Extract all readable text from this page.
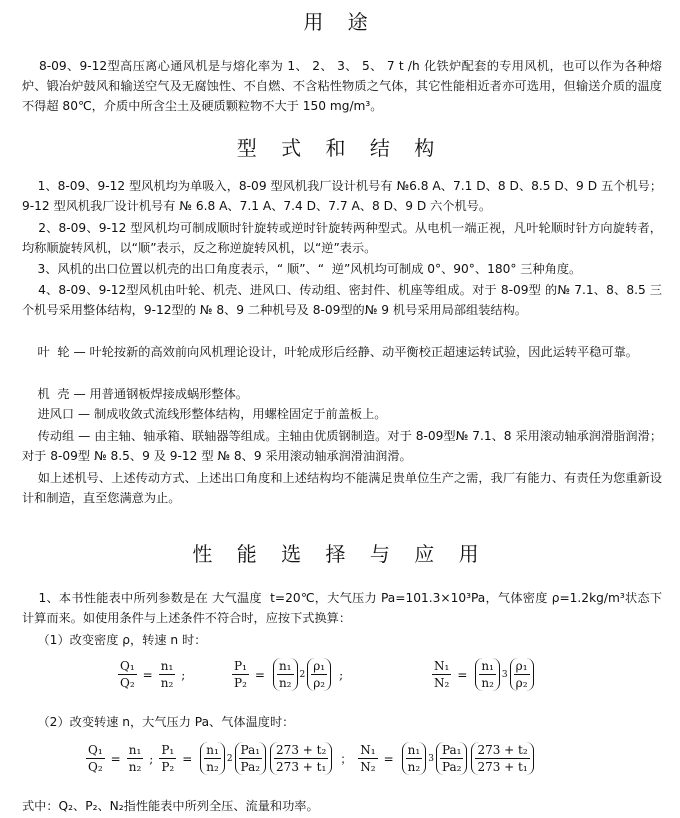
用 途
8-09、9-12型高压离心通风机是与熔化率为 1、 2、 3、 5、 7 t /h 化铁炉配套的专用风机，也可以作为各种熔炉、锻冶炉鼓风和输送空气及无腐蚀性、不自燃、不含粘性物质之气体，其它性能相近者亦可选用，但输送介质的温度不得超 80℃，介质中所含尘土及硬质颗粒物不大于 150 mg/m³。
型 式 和 结 构
1、8-09、9-12 型风机均为单吸入，8-09 型风机我厂设计机号有 №6.8 A、7.1 D、8 D、8.5 D、9 D 五个机号；9-12 型风机我厂设计机号有 № 6.8 A、7.1 A、7.4 D、7.7 A、8 D、9 D 六个机号。
2、8-09、9-12 型风机均可制成顺时针旋转或逆时针旋转两种型式。从电机一端正视，凡叶轮顺时针方向旋转者，均称顺旋转风机，以“顺”表示，反之称逆旋转风机，以“逆”表示。
3、风机的出口位置以机壳的出口角度表示，“ 顺”、“  逆”风机均可制成 0°、90°、180° 三种角度。
4、8-09、9-12型风机由叶轮、机壳、进风口、传动组、密封件、机座等组成。对于 8-09型 的№ 7.1、8、8.5 三个机号采用整体结构，9-12型的 № 8、9 二种机号及 8-09型的№ 9 机号采用局部组装结构。
叶  轮 — 叶轮按新的高效前向风机理论设计，叶轮成形后经静、动平衡校正超速运转试验，因此运转平稳可靠。
机  壳 — 用普通钢板焊接成蜗形整体。
进风口 — 制成收敛式流线形整体结构，用螺栓固定于前盖板上。
传动组 — 由主轴、轴承箱、联轴器等组成。主轴由优质钢制造。对于 8-09型№ 7.1、8 采用滚动轴承润滑脂润滑；对于 8-09型 № 8.5、9 及 9-12 型 № 8、9 采用滚动轴承润滑油润滑。
如上述机号、上述传动方式、上述出口角度和上述结构均不能满足贵单位生产之需，我厂有能力、有责任为您重新设计和制造，直至您满意为止。
性 能 选 择 与 应 用
1、本书性能表中所列参数是在 大气温度  t=20℃，大气压力 Pa=101.3×10³Pa，气体密度 ρ=1.2kg/m³状态下计算而来。如使用条件与上述条件不符合时，应按下式换算：
（1）改变密度 ρ，转速 n 时：
$\frac{\text{Q₁}}{\text{Q₂}} = \frac{\text{n₁}}{\text{n₂}}$ ;	$\frac{\text{P₁}}{\text{P₂}} = \frac{\text{n₁}}{\text{n₂}} 2 \frac{\text{ρ₁}}{\text{ρ₂}}$ ;	$\frac{\text{N₁}}{\text{N₂}} = \frac{\text{n₁}}{\text{n₂}} 3 \frac{\text{ρ₁}}{\text{ρ₂}}$
（2）改变转速 n，大气压力 Pa、气体温度时：
$\frac{\text{Q₁}}{\text{Q₂}} = \frac{\text{n₁}}{\text{n₂}}$ ; $\frac{\text{P₁}}{\text{P₂}} = \frac{\text{n₁}}{\text{n₂}} 2 \frac{\text{Pa₁}}{\text{Pa₂}} \frac{\text{273 + t₂}}{\text{273 + t₁}}$ ； $\frac{\text{N₁}}{\text{N₂}} = \frac{\text{n₁}}{\text{n₂}} 3 \frac{\text{Pa₁}}{\text{Pa₂}} \frac{\text{273 + t₂}}{\text{273 + t₁}}$
式中：Q₂、P₂、N₂指性能表中所列全压、流量和功率。
